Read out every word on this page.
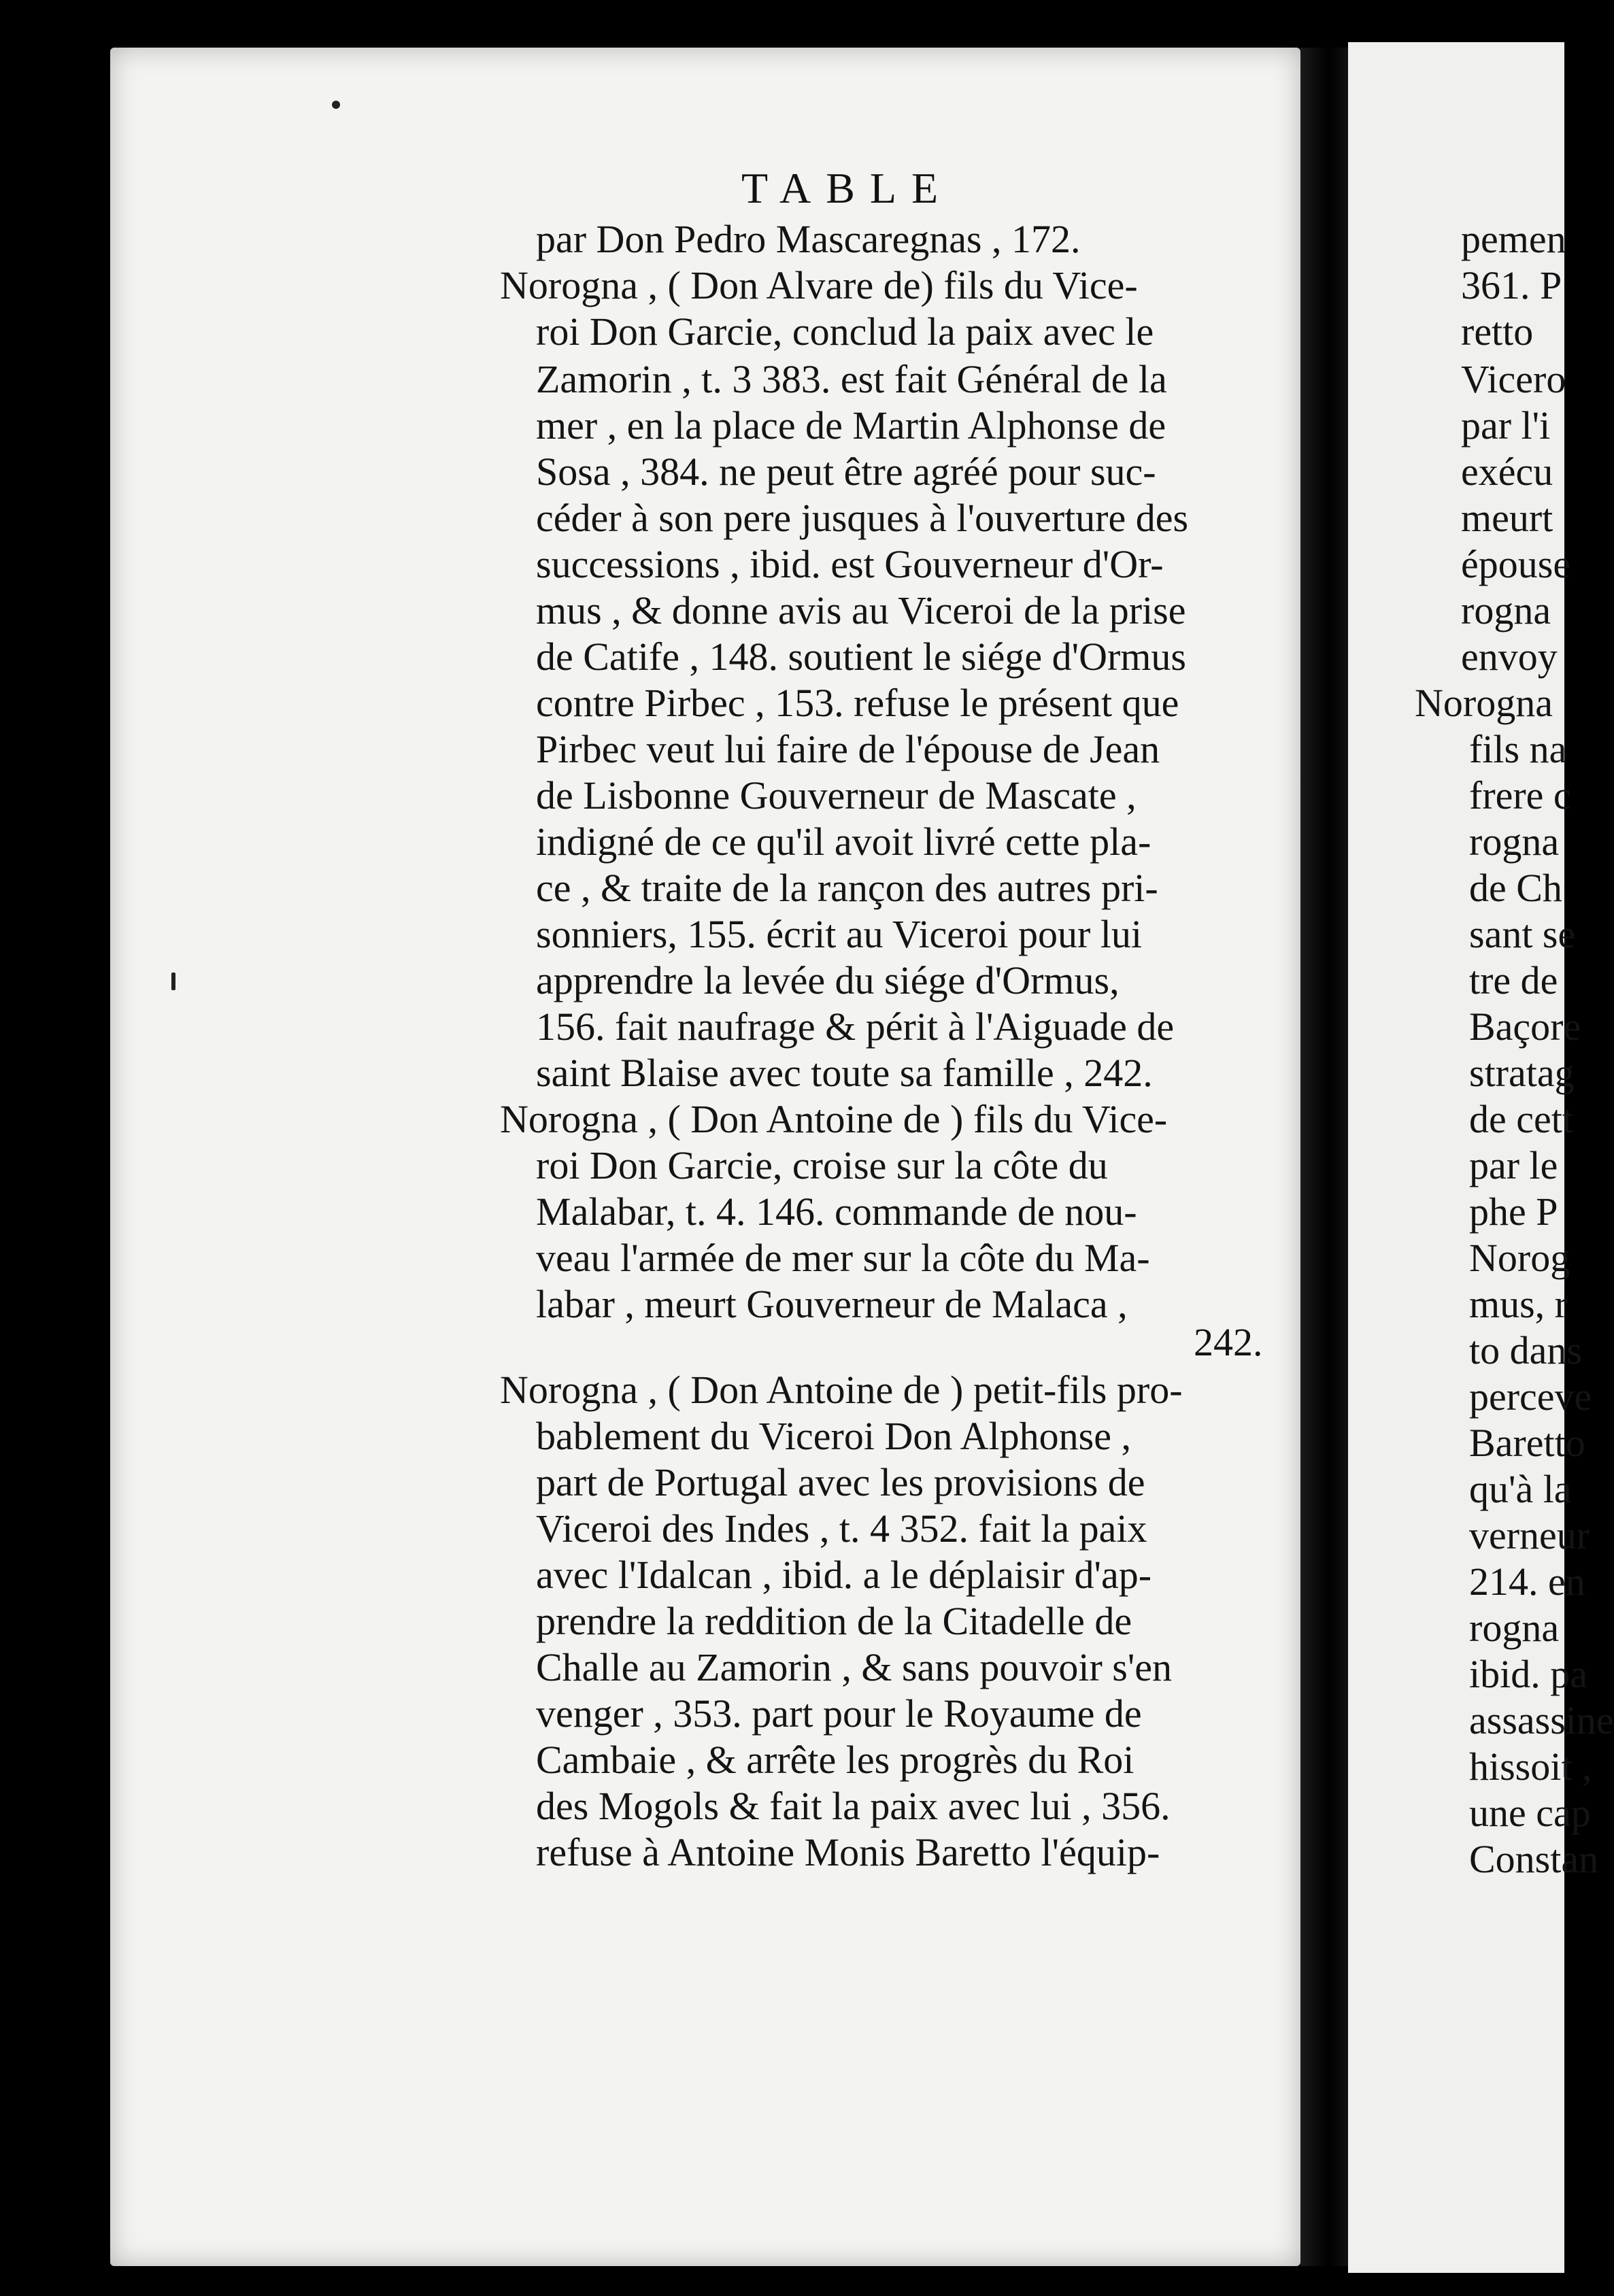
TABLE
par Don Pedro Mascaregnas , 172.
Norogna , ( Don Alvare de) fils du Vice-
roi Don Garcie, conclud la paix avec le
Zamorin , t. 3 383. est fait Général de la
mer , en la place de Martin Alphonse de
Sosa , 384. ne peut être agréé pour suc-
céder à son pere jusques à l'ouverture des
successions , ibid. est Gouverneur d'Or-
mus , & donne avis au Viceroi de la prise
de Catife , 148. soutient le siége d'Ormus
contre Pirbec , 153. refuse le présent que
Pirbec veut lui faire de l'épouse de Jean
de Lisbonne Gouverneur de Mascate ,
indigné de ce qu'il avoit livré cette pla-
ce , & traite de la rançon des autres pri-
sonniers, 155. écrit au Viceroi pour lui
apprendre la levée du siége d'Ormus,
156. fait naufrage & périt à l'Aiguade de
saint Blaise avec toute sa famille , 242.
Norogna , ( Don Antoine de ) fils du Vice-
roi Don Garcie, croise sur la côte du
Malabar, t. 4. 146. commande de nou-
veau l'armée de mer sur la côte du Ma-
labar , meurt Gouverneur de Malaca ,
242.
Norogna , ( Don Antoine de ) petit-fils pro-
bablement du Viceroi Don Alphonse ,
part de Portugal avec les provisions de
Viceroi des Indes , t. 4 352. fait la paix
avec l'Idalcan , ibid. a le déplaisir d'ap-
prendre la reddition de la Citadelle de
Challe au Zamorin , & sans pouvoir s'en
venger , 353. part pour le Royaume de
Cambaie , & arrête les progrès du Roi
des Mogols & fait la paix avec lui , 356.
refuse à Antoine Monis Baretto l'équip-
pemen
361. P
retto
Vicero
par l'i
exécu
meurt
épouse
rogna
envoy
Norogna
fils na
frere c
rogna
de Ch
sant se
tre de
Baçore
stratag
de cett
par le
phe P
Norog
mus, r
to dans
perceve
Baretto
qu'à la
verneur
214. en
rogna
ibid. pa
assassine
hissoit ,
une cap
Constan
